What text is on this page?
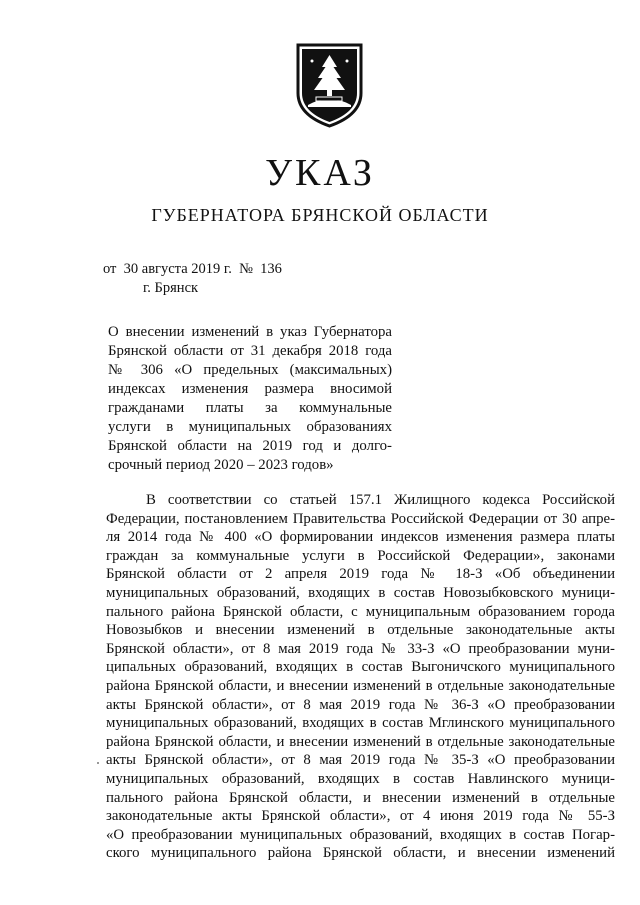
УКАЗ
ГУБЕРНАТОРА БРЯНСКОЙ ОБЛАСТИ
от  30 августа 2019 г.  №  136
г. Брянск
О внесении изменений в указ Губернатора
Брянской области от 31 декабря 2018 года
№ 306 «О предельных (максимальных)
индексах изменения размера вносимой
гражданами платы за коммунальные
услуги в муниципальных образованиях
Брянской области на 2019 год и долго-
срочный период 2020 – 2023 годов»
В соответствии со статьей 157.1 Жилищного кодекса Российской
Федерации, постановлением Правительства Российской Федерации от 30 апре-
ля 2014 года № 400 «О формировании индексов изменения размера платы
граждан за коммунальные услуги в Российской Федерации», законами
Брянской области от 2 апреля 2019 года № 18-З «Об объединении
муниципальных образований, входящих в состав Новозыбковского муници-
пального района Брянской области, с муниципальным образованием города
Новозыбков и внесении изменений в отдельные законодательные акты
Брянской области», от 8 мая 2019 года № 33-З «О преобразовании муни-
ципальных образований, входящих в состав Выгоничского муниципального
района Брянской области, и внесении изменений в отдельные законодательные
акты Брянской области», от 8 мая 2019 года № 36-З «О преобразовании
муниципальных образований, входящих в состав Мглинского муниципального
района Брянской области, и внесении изменений в отдельные законодательные
акты Брянской области», от 8 мая 2019 года № 35-З «О преобразовании
муниципальных образований, входящих в состав Навлинского муници-
пального района Брянской области, и внесении изменений в отдельные
законодательные акты Брянской области», от 4 июня 2019 года № 55-З
«О преобразовании муниципальных образований, входящих в состав Погар-
ского муниципального района Брянской области, и внесении изменений
